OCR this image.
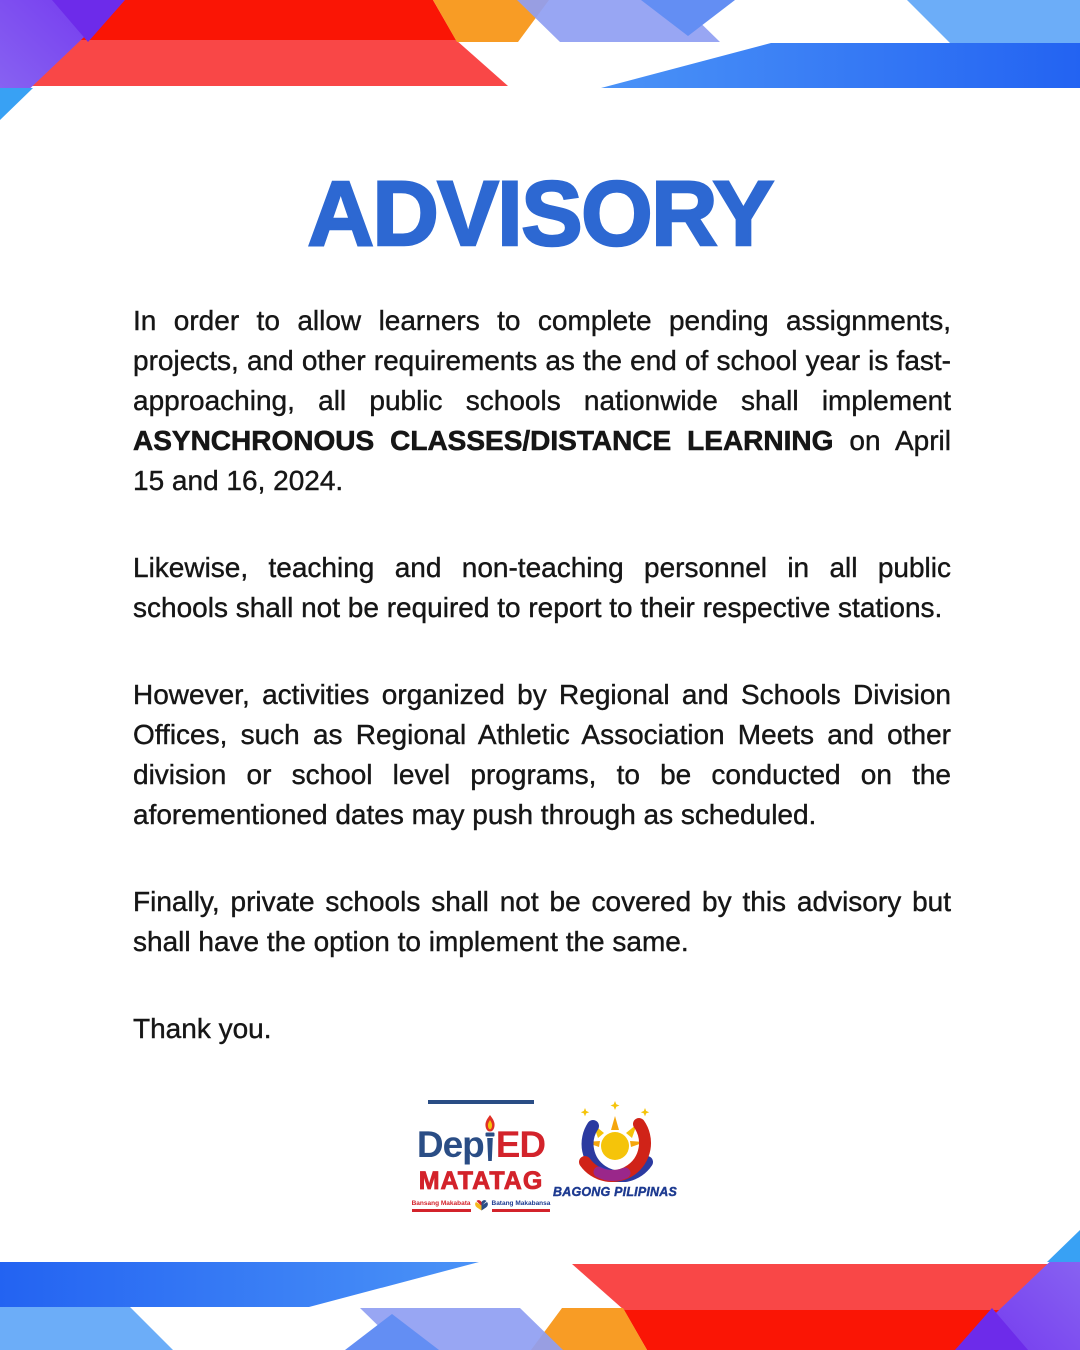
ADVISORY

In order to allow learners to complete pending assignments, projects, and other requirements as the end of school year is fast-approaching, all public schools nationwide shall implement ASYNCHRONOUS CLASSES/DISTANCE LEARNING on April 15 and 16, 2024.

Likewise, teaching and non-teaching personnel in all public schools shall not be required to report to their respective stations.

However, activities organized by Regional and Schools Division Offices, such as Regional Athletic Association Meets and other division or school level programs, to be conducted on the aforementioned dates may push through as scheduled.

Finally, private schools shall not be covered by this advisory but shall have the option to implement the same.

Thank you.

Dep ED
MATATAG
Bansang Makabata	Batang Makabansa
BAGONG PILIPINAS
